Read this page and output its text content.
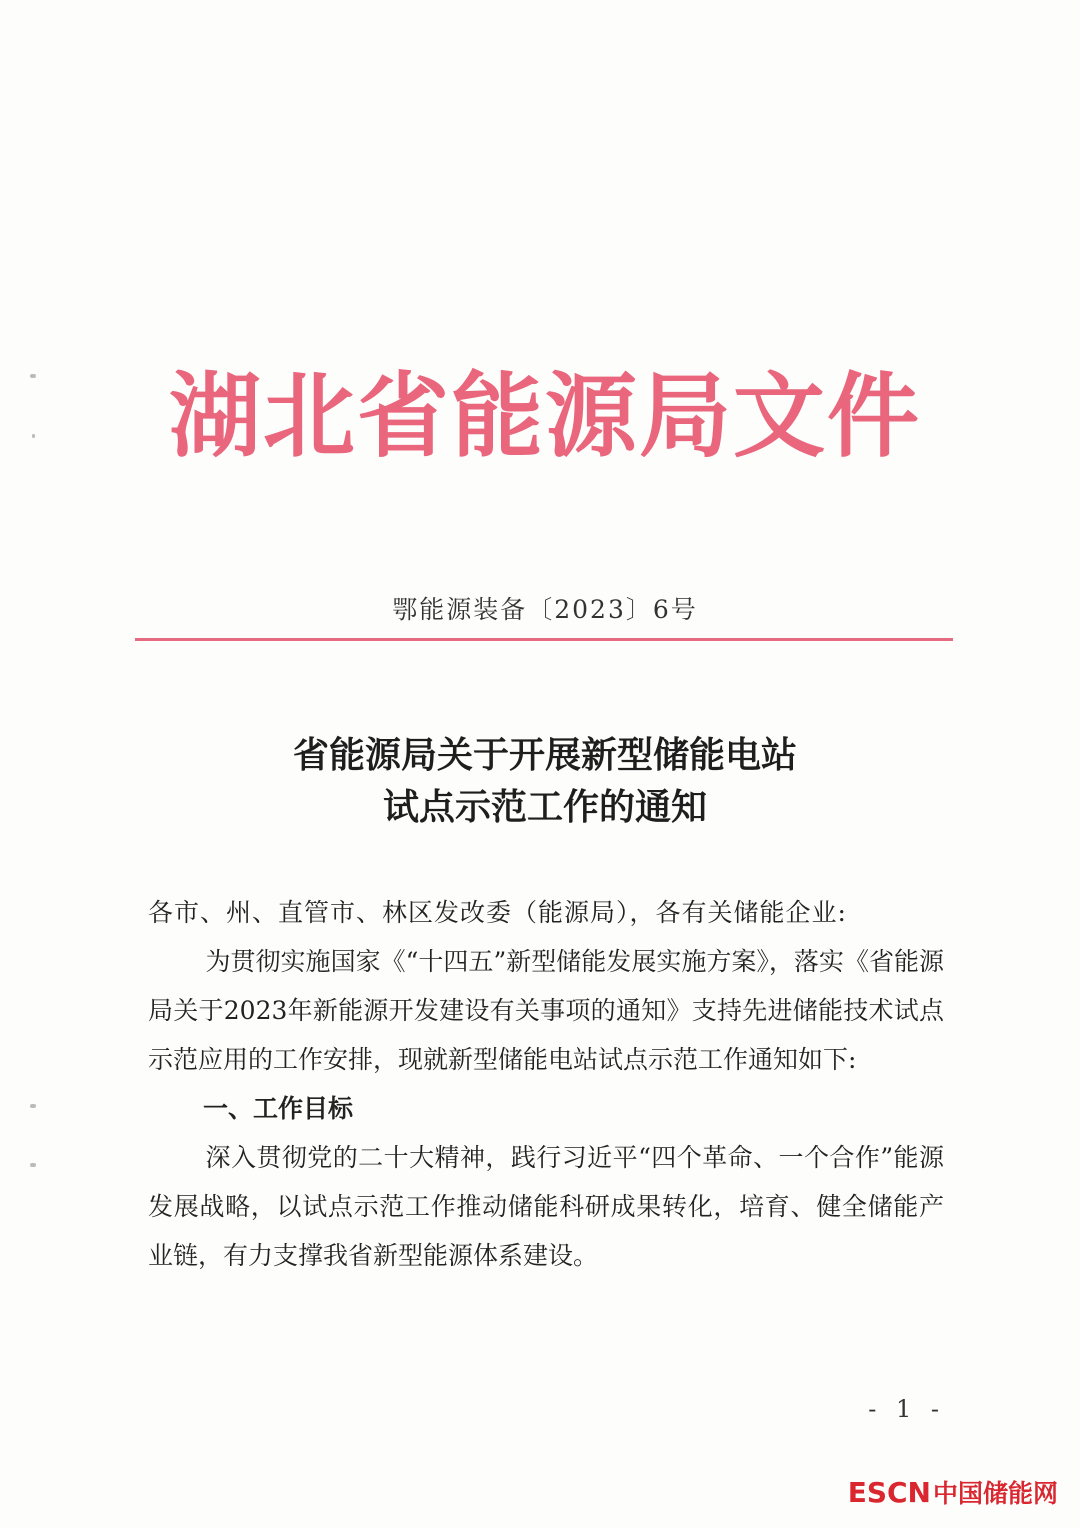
湖北省能源局文件
鄂能源装备〔2023〕6号
省能源局关于开展新型储能电站
试点示范工作的通知

各市、州、直管市、林区发改委（能源局），各有关储能企业:

为贯彻实施国家《“十四五”新型储能发展实施方案》，落实《省能源局关于2023年新能源开发建设有关事项的通知》支持先进储能技术试点示范应用的工作安排，现就新型储能电站试点示范工作通知如下:

一、工作目标

深入贯彻党的二十大精神，践行习近平“四个革命、一个合作”能源发展战略，以试点示范工作推动储能科研成果转化，培育、健全储能产业链，有力支撑我省新型能源体系建设。

- 1 -
ESCN中国储能网
